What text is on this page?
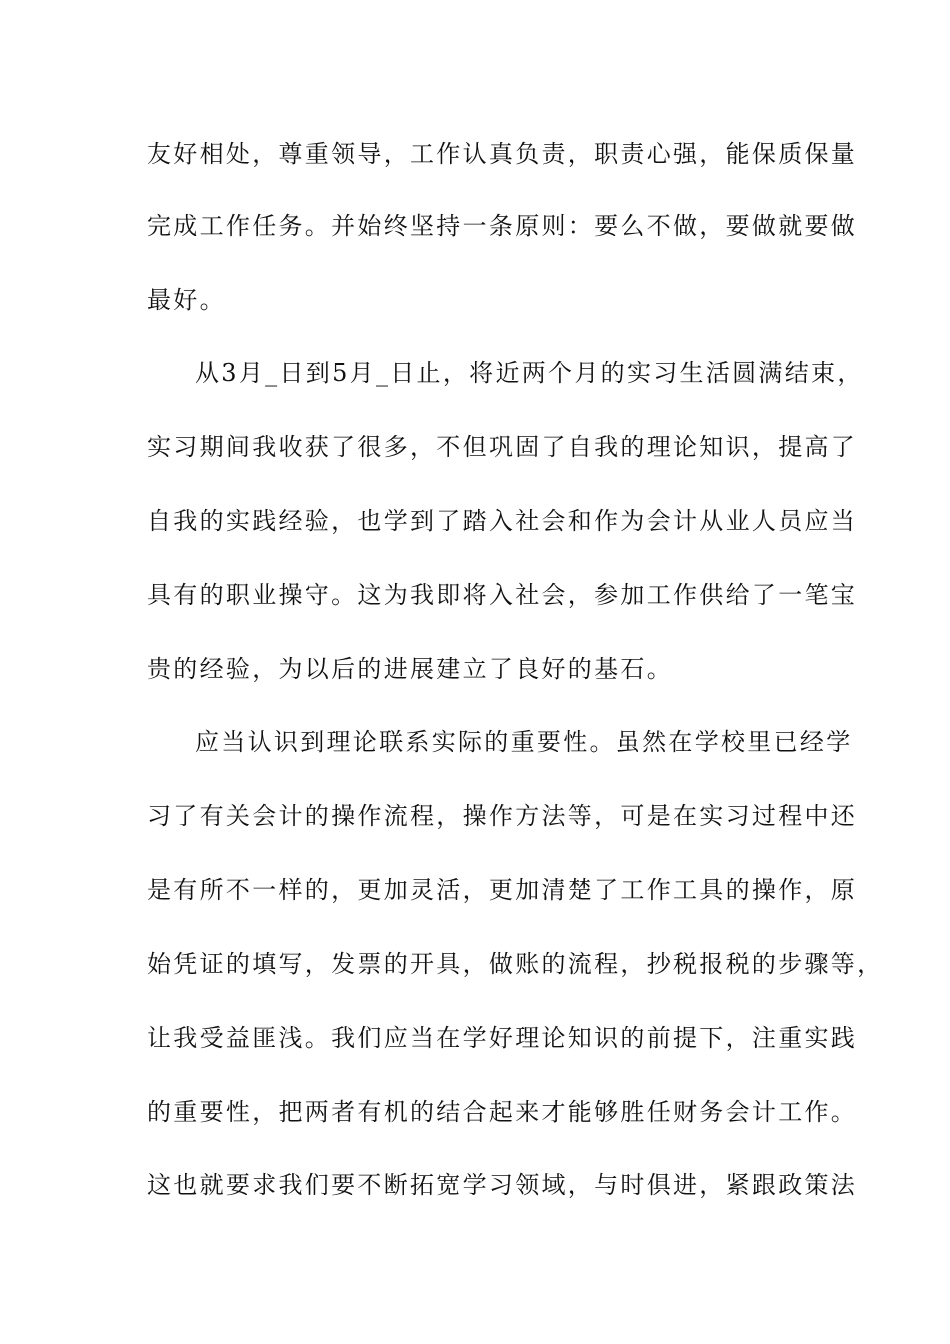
友好相处，尊重领导，工作认真负责，职责心强，能保质保量
完成工作任务。并始终坚持一条原则：要么不做，要做就要做
最好。
从3月_日到5月_日止，将近两个月的实习生活圆满结束，
实习期间我收获了很多，不但巩固了自我的理论知识，提高了
自我的实践经验，也学到了踏入社会和作为会计从业人员应当
具有的职业操守。这为我即将入社会，参加工作供给了一笔宝
贵的经验，为以后的进展建立了良好的基石。
应当认识到理论联系实际的重要性。虽然在学校里已经学
习了有关会计的操作流程，操作方法等，可是在实习过程中还
是有所不一样的，更加灵活，更加清楚了工作工具的操作，原
始凭证的填写，发票的开具，做账的流程，抄税报税的步骤等，
让我受益匪浅。我们应当在学好理论知识的前提下，注重实践
的重要性，把两者有机的结合起来才能够胜任财务会计工作。
这也就要求我们要不断拓宽学习领域，与时俱进，紧跟政策法
